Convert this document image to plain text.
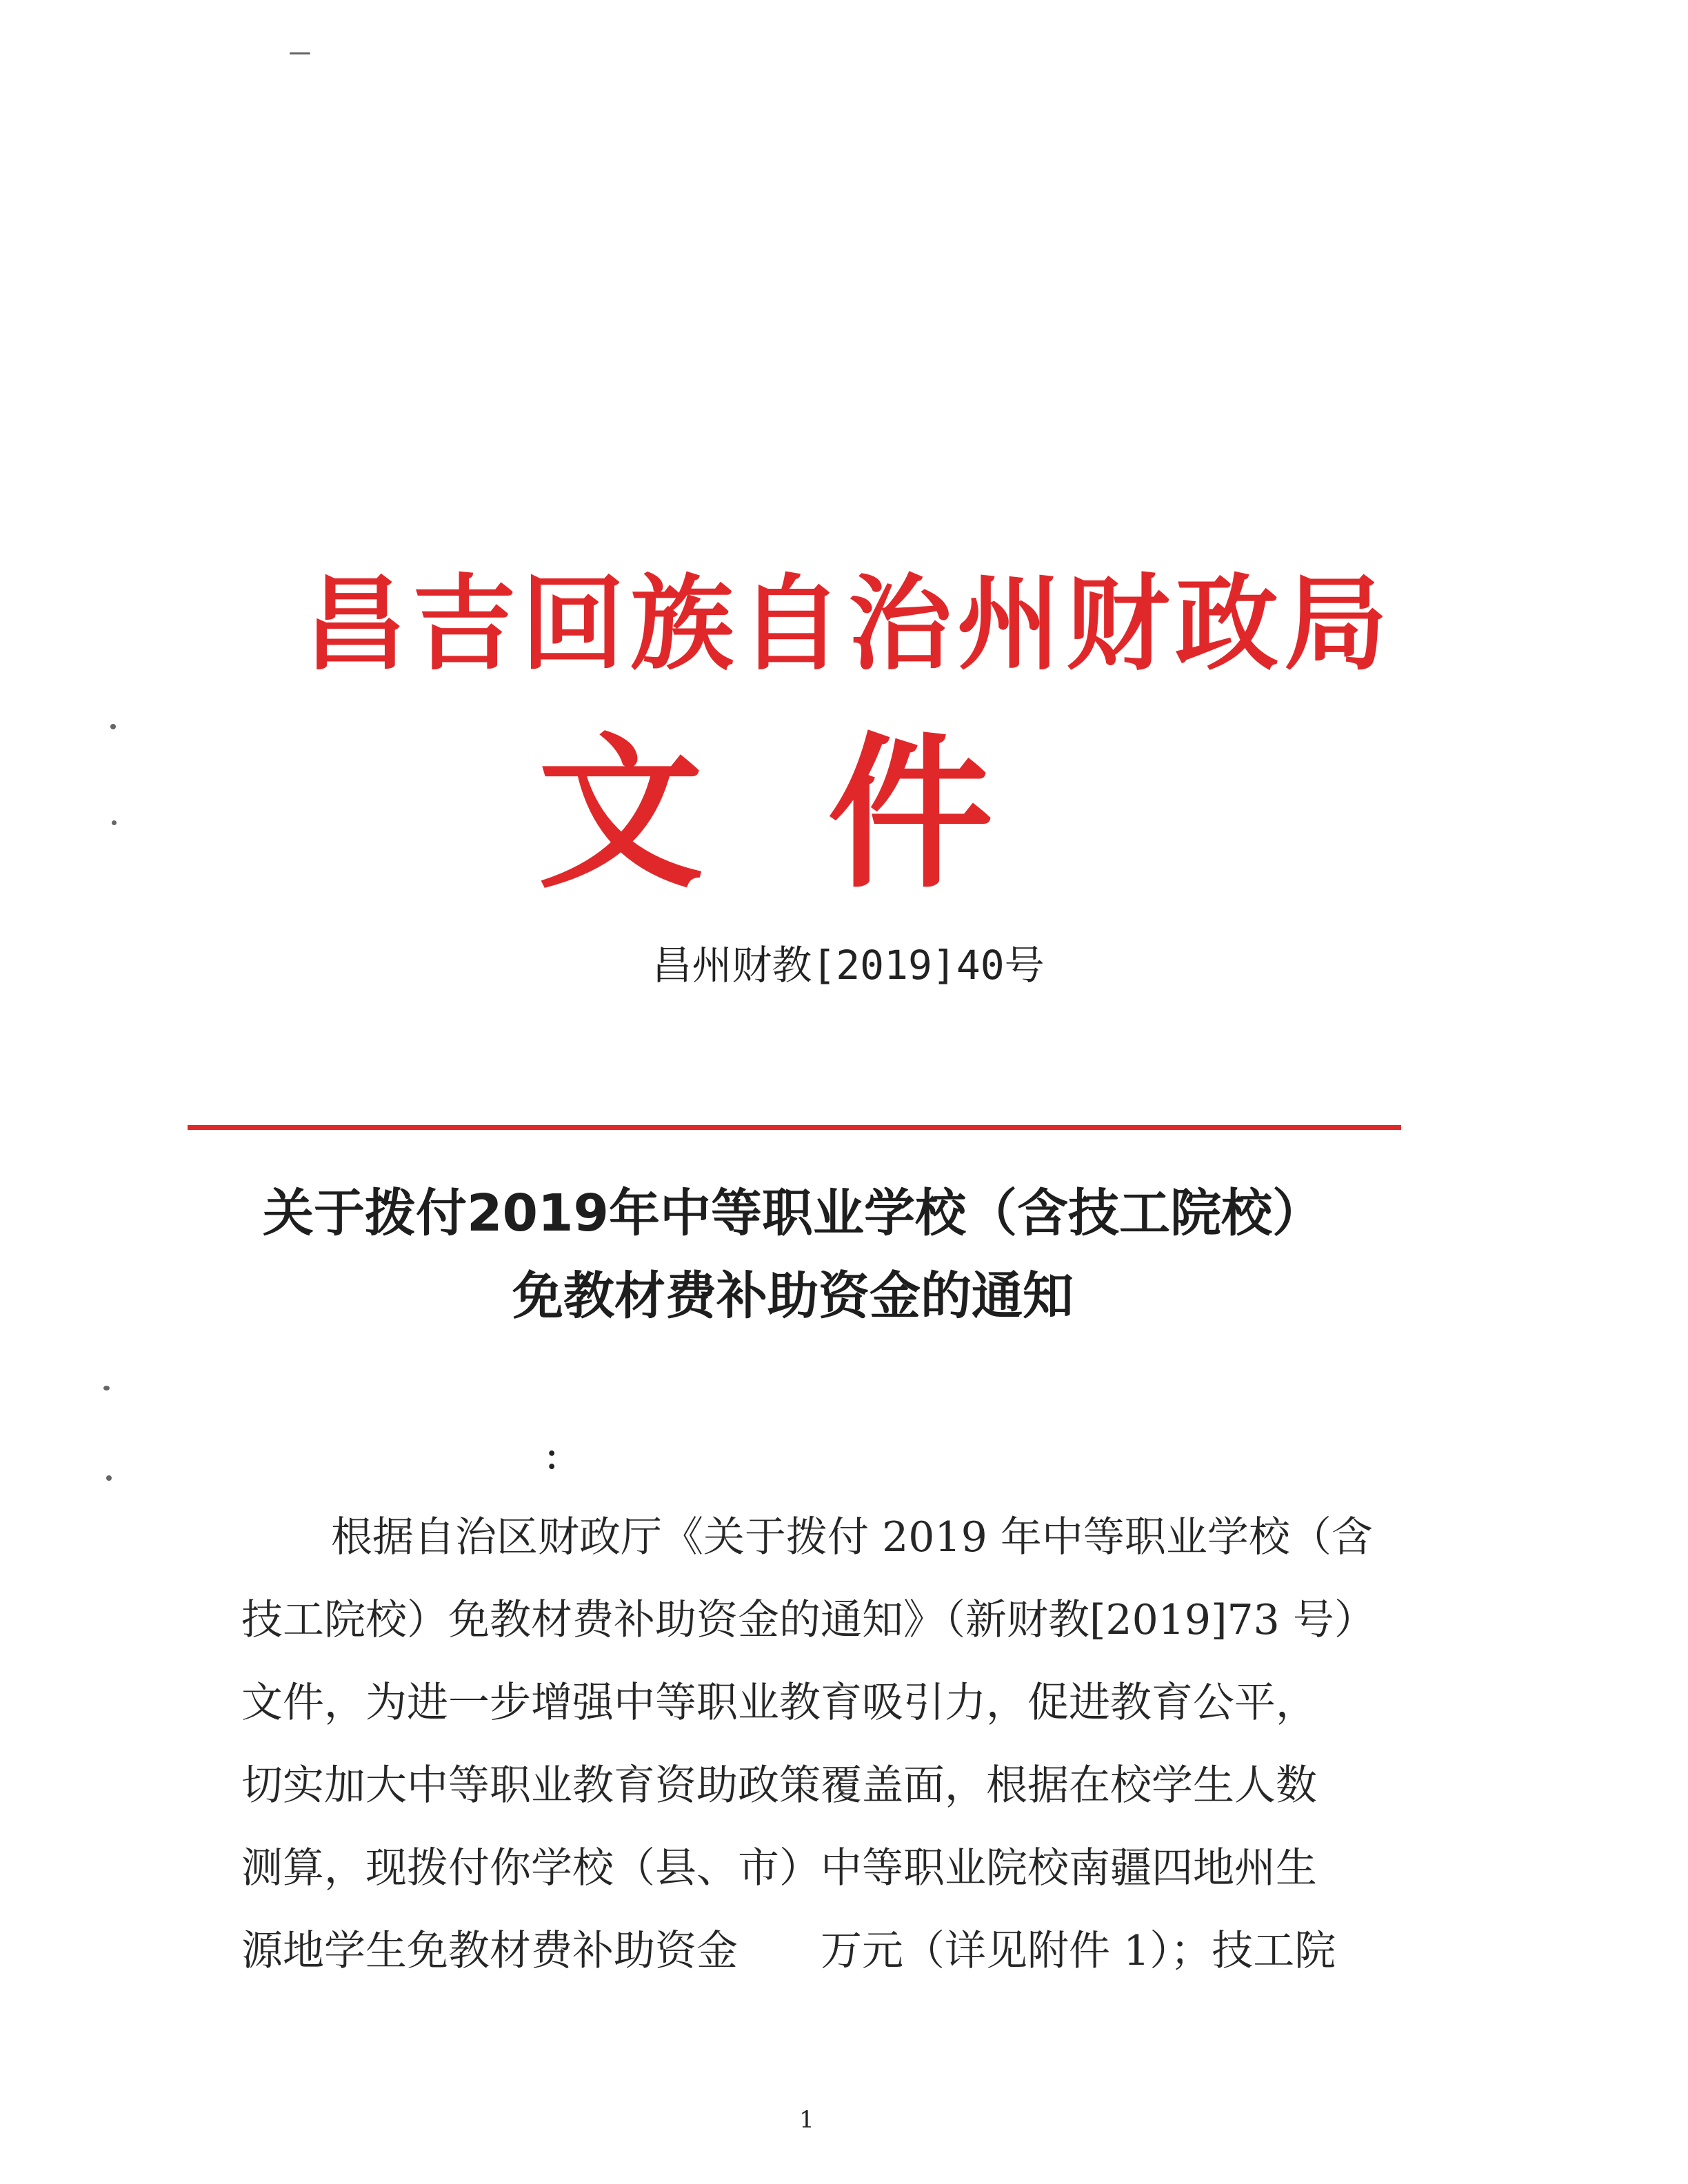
昌吉回族自治州财政局
文件
昌州财教[2019]40号
关于拨付2019年中等职业学校（含技工院校）
免教材费补助资金的通知
:
根据自治区财政厅《关于拨付 2019 年中等职业学校（含
技工院校）免教材费补助资金的通知》（新财教[2019]73 号）
文件，为进一步增强中等职业教育吸引力，促进教育公平，
切实加大中等职业教育资助政策覆盖面，根据在校学生人数
测算，现拨付你学校（县、市）中等职业院校南疆四地州生
源地学生免教材费补助资金　　万元（详见附件 1）；技工院
1
